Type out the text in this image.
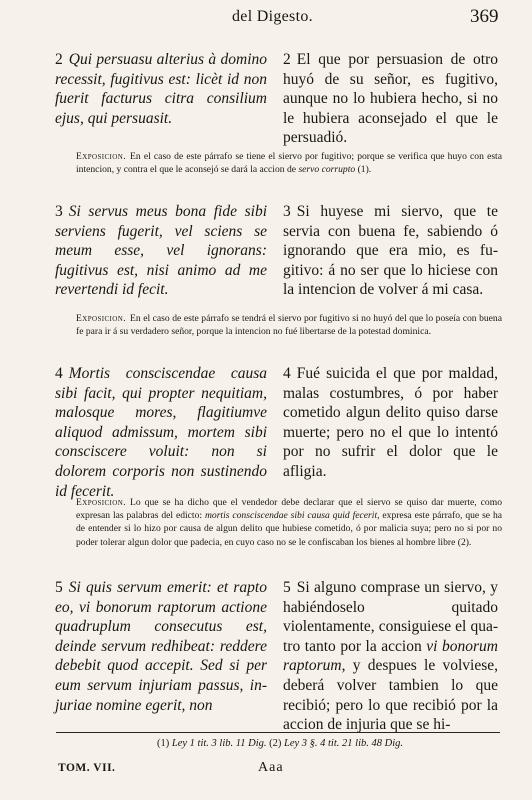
del Digesto.	369
2 Qui persuasu alterius à domino recessit, fugitivus est: licèt id non fuerit facturus citra consilium ejus, qui persuasit.
2 El que por persuasion de otro huyó de su señor, es fugitivo, aunque no lo hubiera hecho, si no le hubiera aconsejado el que le persuadió.
Exposicion. En el caso de este párrafo se tiene el siervo por fugitivo; porque se verifica que huyo con esta intencion, y contra el que le aconsejó se dará la accion de servo corrupto (1).
3 Si servus meus bona fide sibi serviens fugerit, vel sciens se meum esse, vel ignorans: fugitivus est, nisi animo ad me revertendi id fecit.
3 Si huyese mi siervo, que te servia con buena fe, sabiendo ó ignorando que era mio, es fugitivo: á no ser que lo hiciese con la intencion de volver á mi casa.
Exposicion. En el caso de este párrafo se tendrá el siervo por fugitivo si no huyó del que lo poseía con buena fe para ir á su verdadero señor, porque la intencion no fué libertarse de la potestad dominica.
4 Mortis consciscendae causa sibi facit, qui propter nequitiam, malosque mores, flagitiumve aliquod admissum, mortem sibi consciscere voluit: non si dolorem corporis non sustinendo id fecerit.
4 Fué suicida el que por maldad, malas costumbres, ó por haber cometido algun delito quiso darse muerte; pero no el que lo intentó por no sufrir el dolor que le afligia.
Exposicion. Lo que se ha dicho que el vendedor debe declarar que el siervo se quiso dar muerte, como expresan las palabras del edicto: mortis consciscendae sibi causa quid fecerit, expresa este párrafo, que se ha de entender si lo hizo por causa de algun delito que hubiese cometido, ó por malicia suya; pero no si por no poder tolerar algun dolor que padecia, en cuyo caso no se le confiscaban los bienes al hombre libre (2).
5 Si quis servum emerit: et rapto eo, vi bonorum raptorum actione quadruplum consecutus est, deinde servum redhibeat: reddere debebit quod accepit. Sed si per eum servum injuriam passus, injuriae nomine egerit, non
5 Si alguno comprase un siervo, y habiéndoselo quitado violentamente, consiguiese el quatro tanto por la accion vi bonorum raptorum, y despues le volviese, deberá volver tambien lo que recibió; pero lo que recibió por la accion de injuria que se hi-
(1) Ley 1 tit. 3 lib. 11 Dig. (2) Ley 3 §. 4 tit. 21 lib. 48 Dig.
TOM. VII.	Aaa
